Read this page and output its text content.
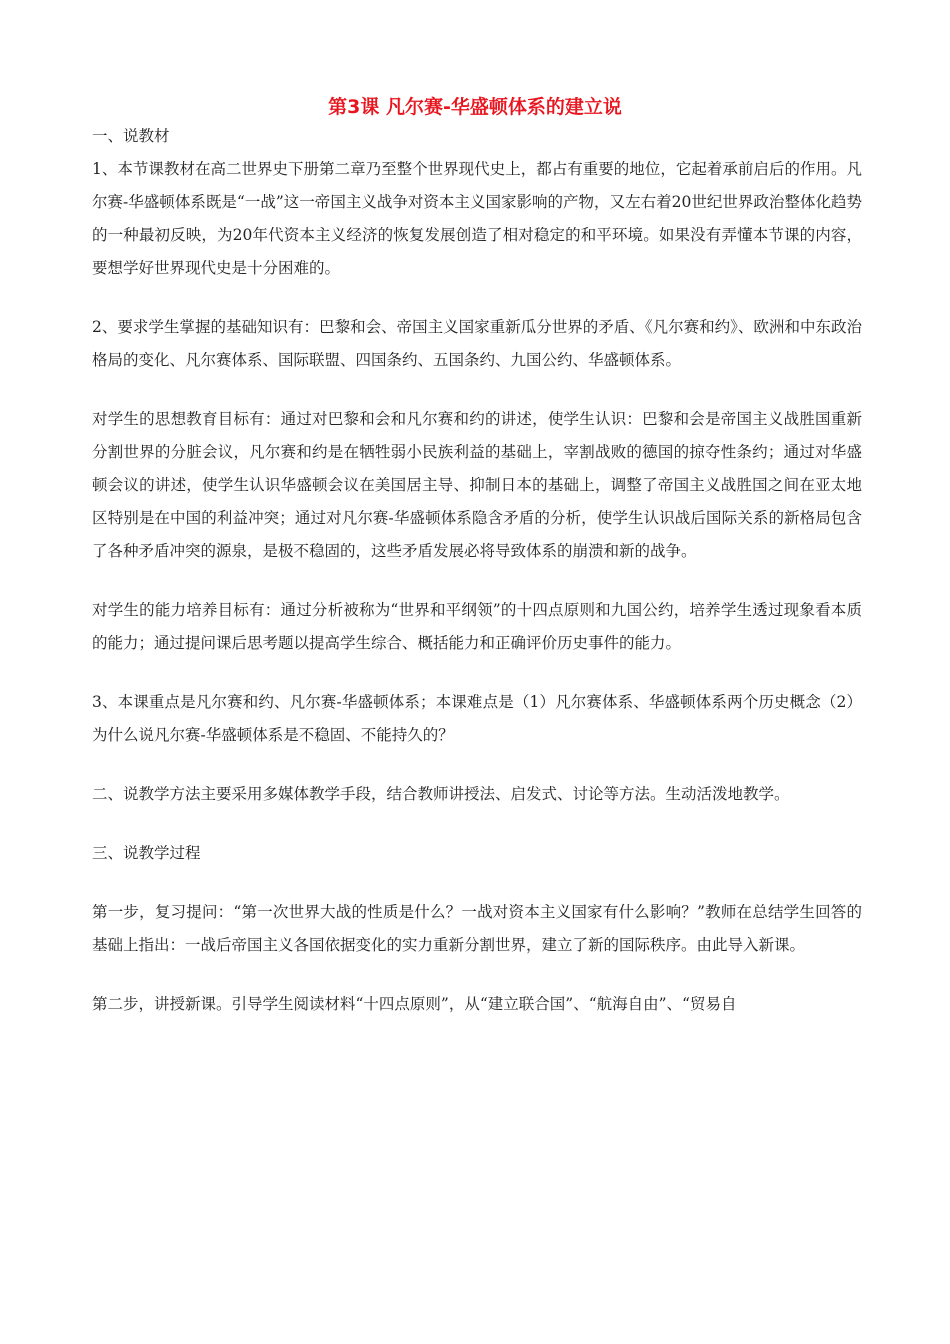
第3课 凡尔赛-华盛顿体系的建立说

一、说教材

1、本节课教材在高二世界史下册第二章乃至整个世界现代史上，都占有重要的地位，它起着承前启后的作用。凡尔赛-华盛顿体系既是“一战”这一帝国主义战争对资本主义国家影响的产物，又左右着20世纪世界政治整体化趋势的一种最初反映，为20年代资本主义经济的恢复发展创造了相对稳定的和平环境。如果没有弄懂本节课的内容，要想学好世界现代史是十分困难的。

2、要求学生掌握的基础知识有：巴黎和会、帝国主义国家重新瓜分世界的矛盾、《凡尔赛和约》、欧洲和中东政治格局的变化、凡尔赛体系、国际联盟、四国条约、五国条约、九国公约、华盛顿体系。

对学生的思想教育目标有：通过对巴黎和会和凡尔赛和约的讲述，使学生认识：巴黎和会是帝国主义战胜国重新分割世界的分脏会议，凡尔赛和约是在牺牲弱小民族利益的基础上，宰割战败的德国的掠夺性条约；通过对华盛顿会议的讲述，使学生认识华盛顿会议在美国居主导、抑制日本的基础上，调整了帝国主义战胜国之间在亚太地区特别是在中国的利益冲突；通过对凡尔赛-华盛顿体系隐含矛盾的分析，使学生认识战后国际关系的新格局包含了各种矛盾冲突的源泉，是极不稳固的，这些矛盾发展必将导致体系的崩溃和新的战争。

对学生的能力培养目标有：通过分析被称为“世界和平纲领”的十四点原则和九国公约，培养学生透过现象看本质的能力；通过提问课后思考题以提高学生综合、概括能力和正确评价历史事件的能力。

3、本课重点是凡尔赛和约、凡尔赛-华盛顿体系；本课难点是（1）凡尔赛体系、华盛顿体系两个历史概念（2）为什么说凡尔赛-华盛顿体系是不稳固、不能持久的？

二、说教学方法主要采用多媒体教学手段，结合教师讲授法、启发式、讨论等方法。生动活泼地教学。

三、说教学过程

第一步，复习提问：“第一次世界大战的性质是什么？一战对资本主义国家有什么影响？”教师在总结学生回答的基础上指出：一战后帝国主义各国依据变化的实力重新分割世界，建立了新的国际秩序。由此导入新课。

第二步，讲授新课。引导学生阅读材料“十四点原则”，从“建立联合国”、“航海自由”、“贸易自
